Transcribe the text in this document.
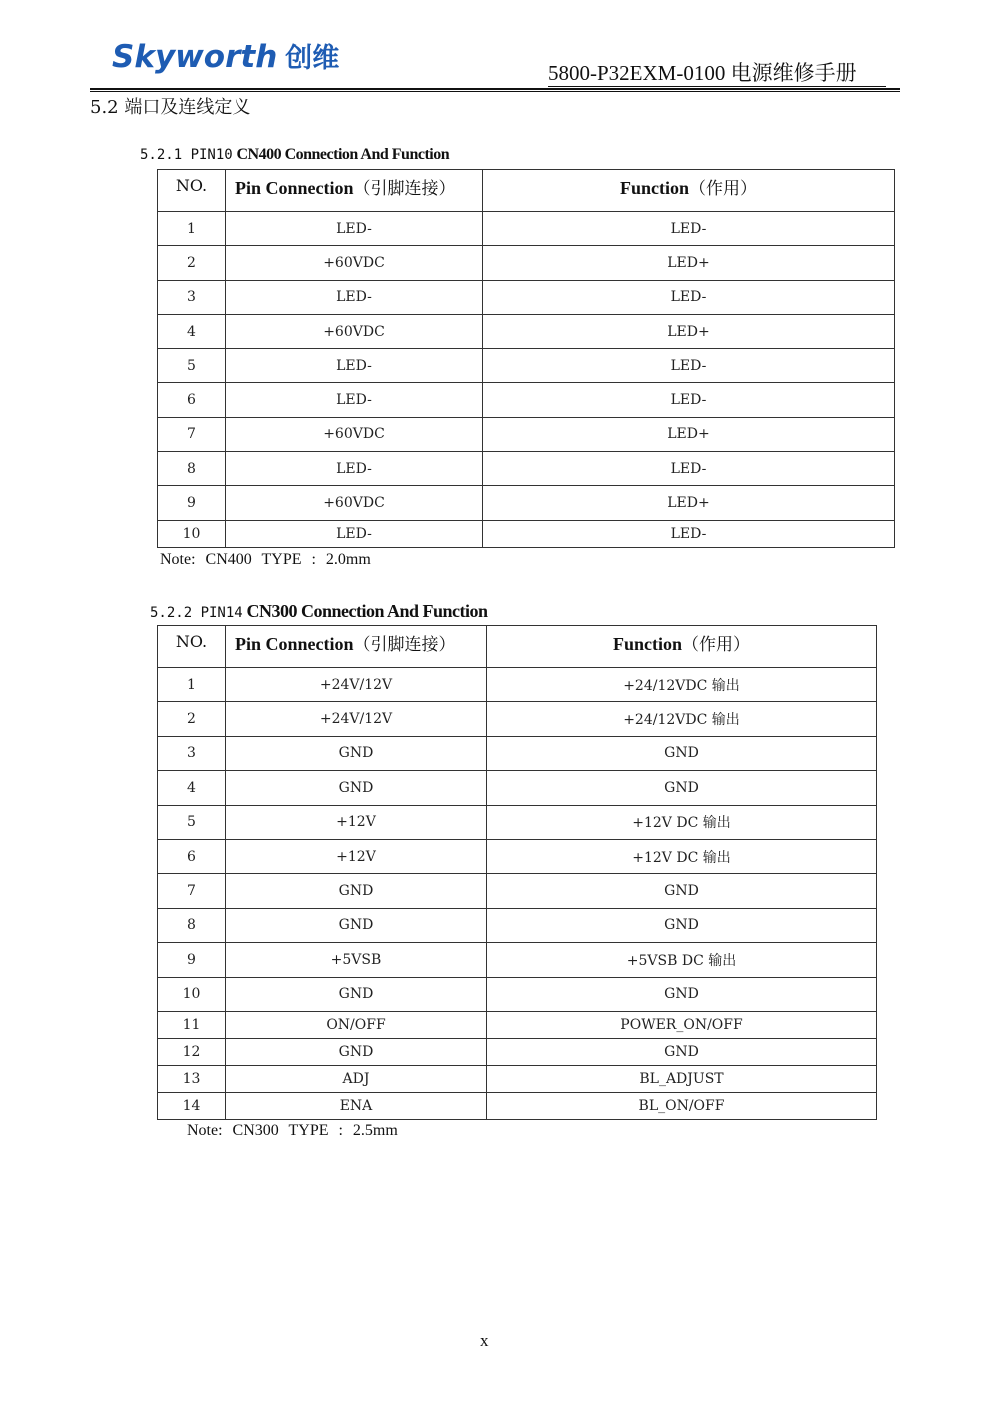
Skyworth 创维	5800-P32EXM-0100 电源维修手册
5.2 端口及连线定义
5.2.1 PIN10 CN400 Connection And Function
NO.	Pin Connection（引脚连接）	Function（作用）
1	LED-	LED-
2	+60VDC	LED+
3	LED-	LED-
4	+60VDC	LED+
5	LED-	LED-
6	LED-	LED-
7	+60VDC	LED+
8	LED-	LED-
9	+60VDC	LED+
10	LED-	LED-
Note: CN400 TYPE : 2.0mm
5.2.2 PIN14 CN300 Connection And Function
NO.	Pin Connection（引脚连接）	Function（作用）
1	+24V/12V	+24/12VDC 输出
2	+24V/12V	+24/12VDC 输出
3	GND	GND
4	GND	GND
5	+12V	+12V DC 输出
6	+12V	+12V DC 输出
7	GND	GND
8	GND	GND
9	+5VSB	+5VSB DC 输出
10	GND	GND
11	ON/OFF	POWER_ON/OFF
12	GND	GND
13	ADJ	BL_ADJUST
14	ENA	BL_ON/OFF
Note: CN300 TYPE : 2.5mm
x
